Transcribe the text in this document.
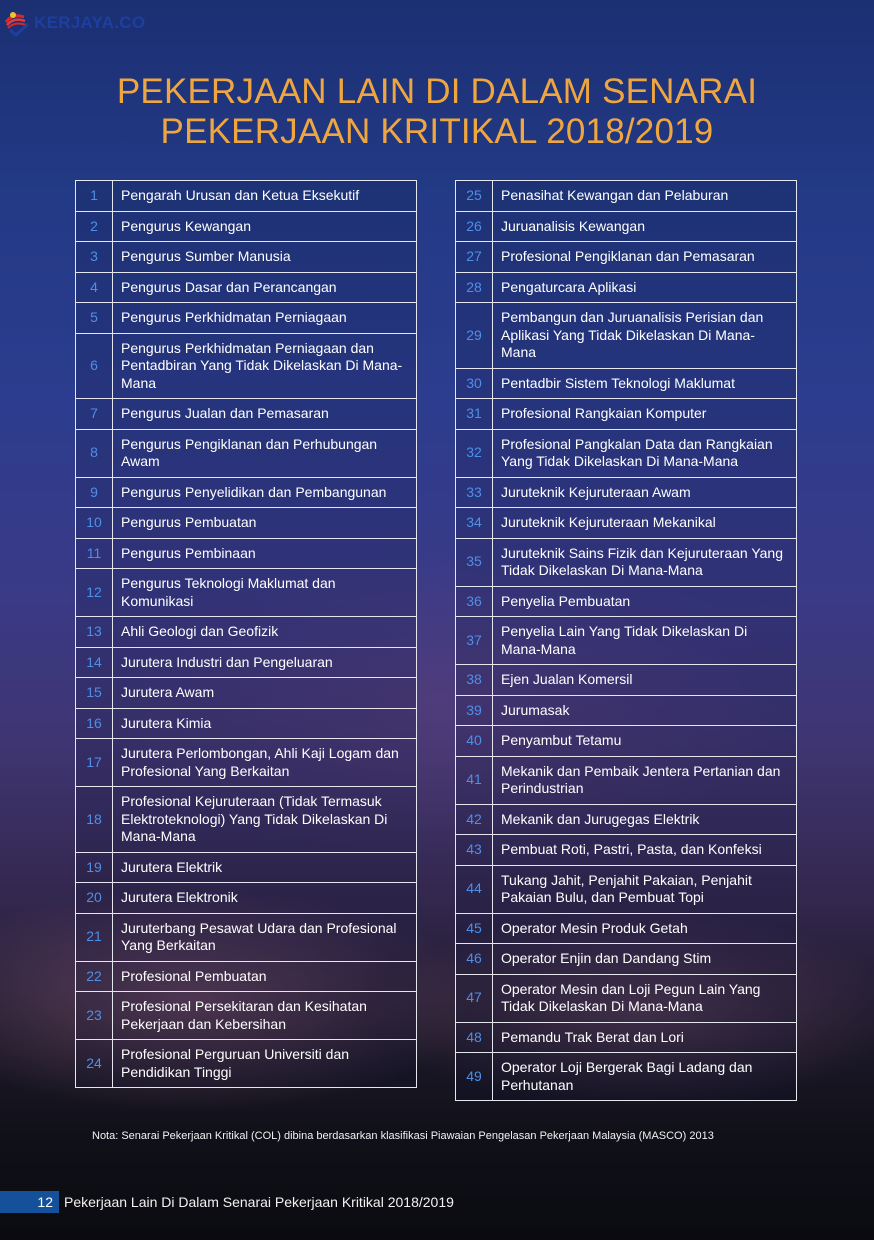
KERJAYA.CO
PEKERJAAN LAIN DI DALAM SENARAI
PEKERJAAN KRITIKAL 2018/2019
1	Pengarah Urusan dan Ketua Eksekutif
2	Pengurus Kewangan
3	Pengurus Sumber Manusia
4	Pengurus Dasar dan Perancangan
5	Pengurus Perkhidmatan Perniagaan
6	Pengurus Perkhidmatan Perniagaan dan Pentadbiran Yang Tidak Dikelaskan Di Mana-Mana
7	Pengurus Jualan dan Pemasaran
8	Pengurus Pengiklanan dan Perhubungan Awam
9	Pengurus Penyelidikan dan Pembangunan
10	Pengurus Pembuatan
11	Pengurus Pembinaan
12	Pengurus Teknologi Maklumat dan Komunikasi
13	Ahli Geologi dan Geofizik
14	Jurutera Industri dan Pengeluaran
15	Jurutera Awam
16	Jurutera Kimia
17	Jurutera Perlombongan, Ahli Kaji Logam dan Profesional Yang Berkaitan
18	Profesional Kejuruteraan (Tidak Termasuk Elektroteknologi) Yang Tidak Dikelaskan Di Mana-Mana
19	Jurutera Elektrik
20	Jurutera Elektronik
21	Juruterbang Pesawat Udara dan Profesional Yang Berkaitan
22	Profesional Pembuatan
23	Profesional Persekitaran dan Kesihatan Pekerjaan dan Kebersihan
24	Profesional Perguruan Universiti dan Pendidikan Tinggi
25	Penasihat Kewangan dan Pelaburan
26	Juruanalisis Kewangan
27	Profesional Pengiklanan dan Pemasaran
28	Pengaturcara Aplikasi
29	Pembangun dan Juruanalisis Perisian dan Aplikasi Yang Tidak Dikelaskan Di Mana-Mana
30	Pentadbir Sistem Teknologi Maklumat
31	Profesional Rangkaian Komputer
32	Profesional Pangkalan Data dan Rangkaian Yang Tidak Dikelaskan Di Mana-Mana
33	Juruteknik Kejuruteraan Awam
34	Juruteknik Kejuruteraan Mekanikal
35	Juruteknik Sains Fizik dan Kejuruteraan Yang Tidak Dikelaskan Di Mana-Mana
36	Penyelia Pembuatan
37	Penyelia Lain Yang Tidak Dikelaskan Di Mana-Mana
38	Ejen Jualan Komersil
39	Jurumasak
40	Penyambut Tetamu
41	Mekanik dan Pembaik Jentera Pertanian dan Perindustrian
42	Mekanik dan Jurugegas Elektrik
43	Pembuat Roti, Pastri, Pasta, dan Konfeksi
44	Tukang Jahit, Penjahit Pakaian, Penjahit Pakaian Bulu, dan Pembuat Topi
45	Operator Mesin Produk Getah
46	Operator Enjin dan Dandang Stim
47	Operator Mesin dan Loji Pegun Lain Yang Tidak Dikelaskan Di Mana-Mana
48	Pemandu Trak Berat dan Lori
49	Operator Loji Bergerak Bagi Ladang dan Perhutanan
Nota: Senarai Pekerjaan Kritikal (COL) dibina berdasarkan klasifikasi Piawaian Pengelasan Pekerjaan Malaysia (MASCO) 2013
12 Pekerjaan Lain Di Dalam Senarai Pekerjaan Kritikal 2018/2019
